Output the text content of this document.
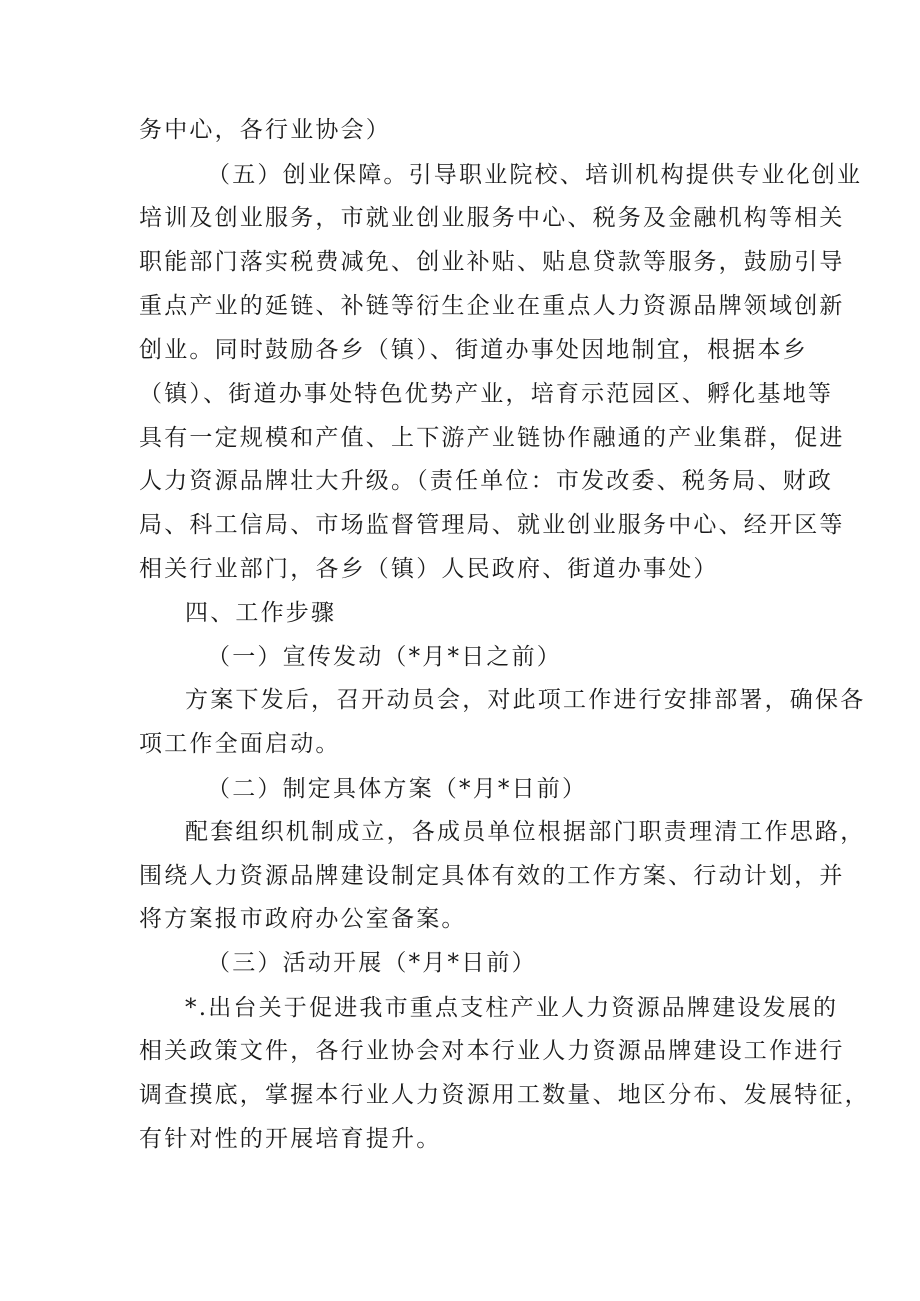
务中心，各行业协会）
（五）创业保障。引导职业院校、培训机构提供专业化创业
培训及创业服务，市就业创业服务中心、税务及金融机构等相关
职能部门落实税费减免、创业补贴、贴息贷款等服务，鼓励引导
重点产业的延链、补链等衍生企业在重点人力资源品牌领域创新
创业。同时鼓励各乡（镇）、街道办事处因地制宜，根据本乡
（镇）、街道办事处特色优势产业，培育示范园区、孵化基地等
具有一定规模和产值、上下游产业链协作融通的产业集群，促进
人力资源品牌壮大升级。（责任单位：市发改委、税务局、财政
局、科工信局、市场监督管理局、就业创业服务中心、经开区等
相关行业部门，各乡（镇）人民政府、街道办事处）
四、工作步骤
（一）宣传发动（*月*日之前）
方案下发后，召开动员会，对此项工作进行安排部署，确保各
项工作全面启动。
（二）制定具体方案（*月*日前）
配套组织机制成立，各成员单位根据部门职责理清工作思路，
围绕人力资源品牌建设制定具体有效的工作方案、行动计划，并
将方案报市政府办公室备案。
（三）活动开展（*月*日前）
*.出台关于促进我市重点支柱产业人力资源品牌建设发展的
相关政策文件，各行业协会对本行业人力资源品牌建设工作进行
调查摸底，掌握本行业人力资源用工数量、地区分布、发展特征，
有针对性的开展培育提升。
